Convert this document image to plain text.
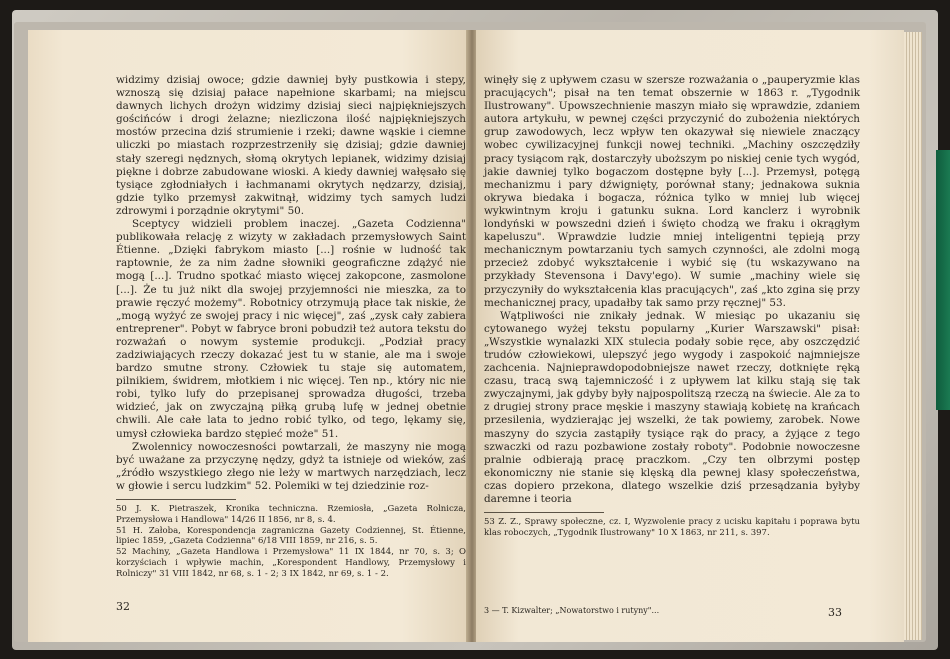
widzimy dzisiaj owoce; gdzie dawniej były pustkowia i stepy, wznoszą się dzisiaj pałace napełnione skarbami; na miejscu dawnych lichych drożyn widzimy dzisiaj sieci najpiękniejszych gościńców i drogi żelazne; niezliczona ilość najpiękniejszych mostów przecina dziś strumienie i rzeki; dawne wąskie i ciemne uliczki po miastach rozprzestrzeniły się dzisiaj; gdzie dawniej stały szeregi nędznych, słomą okrytych lepianek, widzimy dzisiaj piękne i dobrze zabudowane wioski. A kiedy dawniej wałęsało się tysiące zgłodniałych i łachmanami okrytych nędzarzy, dzisiaj, gdzie tylko przemysł zakwitnął, widzimy tych samych ludzi zdrowymi i porządnie okrytymi" 50.

Sceptycy widzieli problem inaczej. „Gazeta Codzienna" publikowała relację z wizyty w zakładach przemysłowych Saint Étienne. „Dzięki fabrykom miasto [...] rośnie w ludność tak raptownie, że za nim żadne słowniki geograficzne zdążyć nie mogą [...]. Trudno spotkać miasto więcej zakopcone, zasmolone [...]. Że tu już nikt dla swojej przyjemności nie mieszka, za to prawie ręczyć możemy". Robotnicy otrzymują płace tak niskie, że „mogą wyżyć ze swojej pracy i nic więcej", zaś „zysk cały zabiera entreprener". Pobyt w fabryce broni pobudził też autora tekstu do rozważań o nowym systemie produkcji. „Podział pracy zadziwiających rzeczy dokazać jest tu w stanie, ale ma i swoje bardzo smutne strony. Człowiek tu staje się automatem, pilnikiem, świdrem, młotkiem i nic więcej. Ten np., który nic nie robi, tylko lufy do przepisanej sprowadza długości, trzeba widzieć, jak on zwyczajną piłką grubą lufę w jednej obetnie chwili. Ale całe lata to jedno robić tylko, od tego, lękamy się, umysł człowieka bardzo stępieć może" 51.

Zwolennicy nowoczesności powtarzali, że maszyny nie mogą być uważane za przyczynę nędzy, gdyż ta istnieje od wieków, zaś „źródło wszystkiego złego nie leży w martwych narzędziach, lecz w głowie i sercu ludzkim" 52. Polemiki w tej dziedzinie roz-

50 J. K. Pietraszek, Kronika techniczna. Rzemiosła, „Gazeta Rolnicza, Przemysłowa i Handlowa" 14/26 II 1856, nr 8, s. 4.

51 H. Załoba, Korespondencja zagraniczna Gazety Codziennej, St. Étienne, lipiec 1859, „Gazeta Codzienna" 6/18 VIII 1859, nr 216, s. 5.

52 Machiny, „Gazeta Handlowa i Przemysłowa" 11 IX 1844, nr 70, s. 3; O korzyściach i wpływie machin, „Korespondent Handlowy, Przemysłowy i Rolniczy" 31 VIII 1842, nr 68, s. 1 - 2; 3 IX 1842, nr 69, s. 1 - 2.

32

winęły się z upływem czasu w szersze rozważania o „pauperyzmie klas pracujących"; pisał na ten temat obszernie w 1863 r. „Tygodnik Ilustrowany". Upowszechnienie maszyn miało się wprawdzie, zdaniem autora artykułu, w pewnej części przyczynić do zubożenia niektórych grup zawodowych, lecz wpływ ten okazywał się niewiele znaczący wobec cywilizacyjnej funkcji nowej techniki. „Machiny oszczędziły pracy tysiącom rąk, dostarczyły uboższym po niskiej cenie tych wygód, jakie dawniej tylko bogaczom dostępne były [...]. Przemysł, potęgą mechanizmu i pary dźwignięty, porównał stany; jednakowa suknia okrywa biedaka i bogacza, różnica tylko w mniej lub więcej wykwintnym kroju i gatunku sukna. Lord kanclerz i wyrobnik londyński w powszedni dzień i święto chodzą we fraku i okrągłym kapeluszu". Wprawdzie ludzie mniej inteligentni tępieją przy mechanicznym powtarzaniu tych samych czynności, ale zdolni mogą przecież zdobyć wykształcenie i wybić się (tu wskazywano na przykłady Stevensona i Davy'ego). W sumie „machiny wiele się przyczyniły do wykształcenia klas pracujących", zaś „kto zgina się przy mechanicznej pracy, upadałby tak samo przy ręcznej" 53.

Wątpliwości nie znikały jednak. W miesiąc po ukazaniu się cytowanego wyżej tekstu popularny „Kurier Warszawski" pisał: „Wszystkie wynalazki XIX stulecia podały sobie ręce, aby oszczędzić trudów człowiekowi, ulepszyć jego wygody i zaspokoić najmniejsze zachcenia. Najnieprawdopodobniejsze nawet rzeczy, dotknięte ręką czasu, tracą swą tajemniczość i z upływem lat kilku stają się tak zwyczajnymi, jak gdyby były najpospolitszą rzeczą na świecie. Ale za to z drugiej strony prace męskie i maszyny stawiają kobietę na krańcach przesilenia, wydzierając jej wszelki, że tak powiemy, zarobek. Nowe maszyny do szycia zastąpiły tysiące rąk do pracy, a żyjące z tego szwaczki od razu pozbawione zostały roboty". Podobnie nowoczesne pralnie odbierają pracę praczkom. „Czy ten olbrzymi postęp ekonomiczny nie stanie się klęską dla pewnej klasy społeczeństwa, czas dopiero przekona, dlatego wszelkie dziś przesądzania byłyby daremne i teoria

53 Z. Z., Sprawy społeczne, cz. I, Wyzwolenie pracy z ucisku kapitału i poprawa bytu klas roboczych, „Tygodnik Ilustrowany" 10 X 1863, nr 211, s. 397.

3 — T. Kizwalter; „Nowatorstwo i rutyny"...	33
